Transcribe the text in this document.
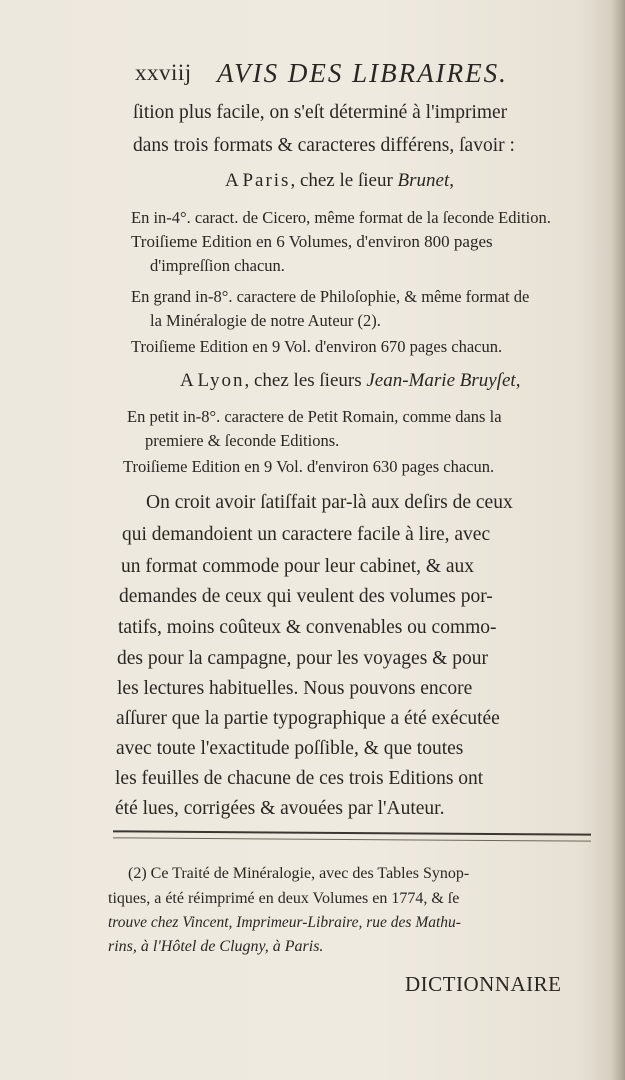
xxviij AVIS DES LIBRAIRES.
ſition plus facile, on s'eſt déterminé à l'imprimer
dans trois formats & caracteres différens, ſavoir :
A Paris, chez le ſieur Brunet,
En in-4°. caract. de Cicero, même format de la ſeconde Edition.
Troiſieme Edition en 6 Volumes, d'environ 800 pages
d'impreſſion chacun.
En grand in-8°. caractere de Philoſophie, & même format de
la Minéralogie de notre Auteur (2).
Troiſieme Edition en 9 Vol. d'environ 670 pages chacun.
A Lyon, chez les ſieurs Jean-Marie Bruyſet,
En petit in-8°. caractere de Petit Romain, comme dans la
premiere & ſeconde Editions.
Troiſieme Edition en 9 Vol. d'environ 630 pages chacun.
On croit avoir ſatiſfait par-là aux deſirs de ceux
qui demandoient un caractere facile à lire, avec
un format commode pour leur cabinet, & aux
demandes de ceux qui veulent des volumes por-
tatifs, moins coûteux & convenables ou commo-
des pour la campagne, pour les voyages & pour
les lectures habituelles. Nous pouvons encore
aſſurer que la partie typographique a été exécutée
avec toute l'exactitude poſſible, & que toutes
les feuilles de chacune de ces trois Editions ont
été lues, corrigées & avouées par l'Auteur.
(2) Ce Traité de Minéralogie, avec des Tables Synop-
tiques, a été réimprimé en deux Volumes en 1774, & ſe
trouve chez Vincent, Imprimeur-Libraire, rue des Mathu-
rins, à l'Hôtel de Clugny, à Paris.
DICTIONNAIRE
